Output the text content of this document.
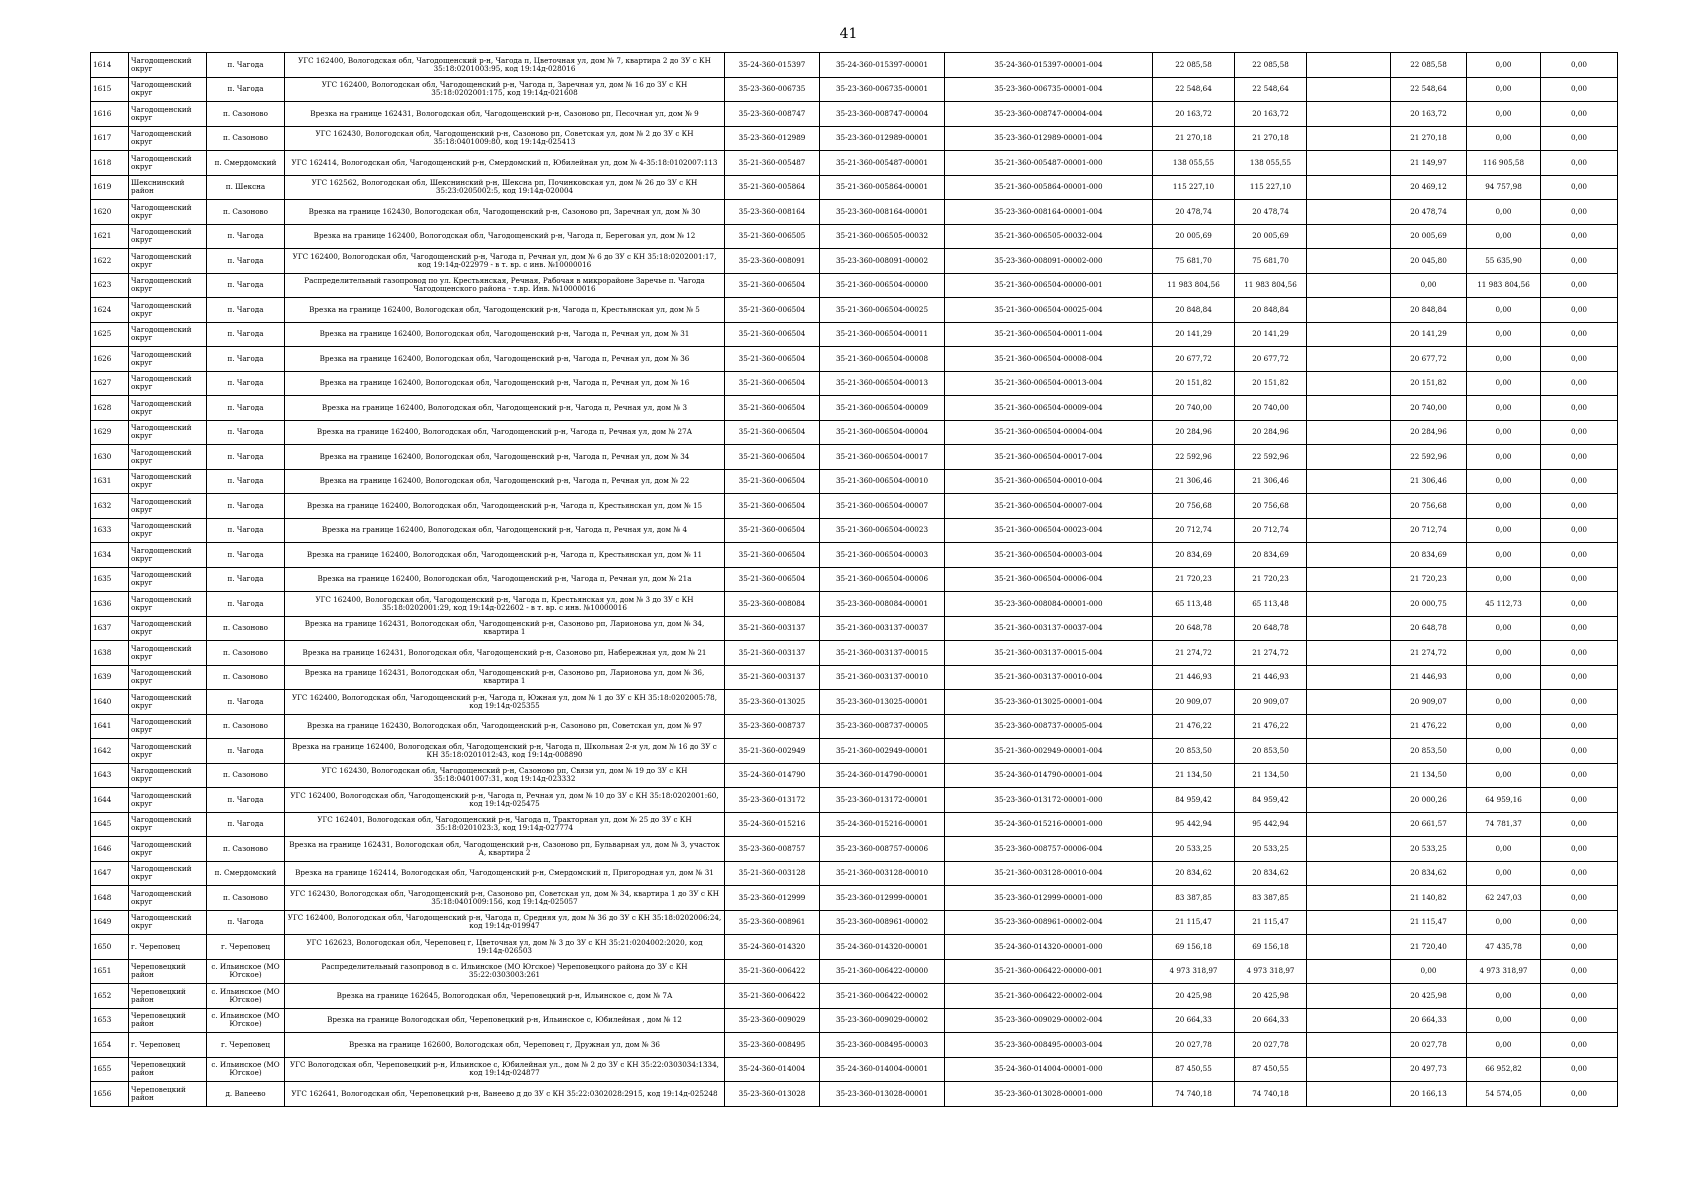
41
1614	Чагодощенский округ	п. Чагода	УГС 162400, Вологодская обл, Чагодощенский р-н, Чагода п, Цветочная ул, дом № 7, квартира 2 до ЗУ с КН 35:18:0201003:95, код 19:14д-028016	35-24-360-015397	35-24-360-015397-00001	35-24-360-015397-00001-004	22 085,58	22 085,58		22 085,58	0,00	0,00
1615	Чагодощенский округ	п. Чагода	УГС 162400, Вологодская обл, Чагодощенский р-н, Чагода п, Заречная ул, дом № 16 до ЗУ с КН 35:18:0202001:175, код 19:14д-021608	35-23-360-006735	35-23-360-006735-00001	35-23-360-006735-00001-004	22 548,64	22 548,64		22 548,64	0,00	0,00
1616	Чагодощенский округ	п. Сазоново	Врезка на границе 162431, Вологодская обл, Чагодощенский р-н, Сазоново рп, Песочная ул, дом № 9	35-23-360-008747	35-23-360-008747-00004	35-23-360-008747-00004-004	20 163,72	20 163,72		20 163,72	0,00	0,00
1617	Чагодощенский округ	п. Сазоново	УГС 162430, Вологодская обл, Чагодощенский р-н, Сазоново рп, Советская ул, дом № 2 до ЗУ с КН 35:18:0401009:80, код 19:14д-025413	35-23-360-012989	35-23-360-012989-00001	35-23-360-012989-00001-004	21 270,18	21 270,18		21 270,18	0,00	0,00
1618	Чагодощенский округ	п. Смердомский	УГС 162414, Вологодская обл, Чагодощенский р-н, Смердомский п, Юбилейная ул, дом № 4-35:18:0102007:113	35-21-360-005487	35-21-360-005487-00001	35-21-360-005487-00001-000	138 055,55	138 055,55		21 149,97	116 905,58	0,00
1619	Шекснинский район	п. Шексна	УГС 162562, Вологодская обл, Шекснинский р-н, Шексна рп, Починковская ул, дом № 26 до ЗУ с КН 35:23:0205002:5, код 19:14д-020004	35-21-360-005864	35-21-360-005864-00001	35-21-360-005864-00001-000	115 227,10	115 227,10		20 469,12	94 757,98	0,00
1620	Чагодощенский округ	п. Сазоново	Врезка на границе 162430, Вологодская обл, Чагодощенский р-н, Сазоново рп, Заречная ул, дом № 30	35-23-360-008164	35-23-360-008164-00001	35-23-360-008164-00001-004	20 478,74	20 478,74		20 478,74	0,00	0,00
1621	Чагодощенский округ	п. Чагода	Врезка на границе 162400, Вологодская обл, Чагодощенский р-н, Чагода п, Береговая ул, дом № 12	35-21-360-006505	35-21-360-006505-00032	35-21-360-006505-00032-004	20 005,69	20 005,69		20 005,69	0,00	0,00
1622	Чагодощенский округ	п. Чагода	УГС 162400, Вологодская обл, Чагодощенский р-н, Чагода п, Речная ул, дом № 6 до ЗУ с КН 35:18:0202001:17, код 19:14д-022979 - в т. вр. с инв. №10000016	35-23-360-008091	35-23-360-008091-00002	35-23-360-008091-00002-000	75 681,70	75 681,70		20 045,80	55 635,90	0,00
1623	Чагодощенский округ	п. Чагода	Распределительный газопровод по ул. Крестьянская, Речная, Рабочая в микрорайоне Заречье п. Чагода Чагодощенского района - т.вр. Инв. №10000016	35-21-360-006504	35-21-360-006504-00000	35-21-360-006504-00000-001	11 983 804,56	11 983 804,56		0,00	11 983 804,56	0,00
1624	Чагодощенский округ	п. Чагода	Врезка на границе 162400, Вологодская обл, Чагодощенский р-н, Чагода п, Крестьянская ул, дом № 5	35-21-360-006504	35-21-360-006504-00025	35-21-360-006504-00025-004	20 848,84	20 848,84		20 848,84	0,00	0,00
1625	Чагодощенский округ	п. Чагода	Врезка на границе 162400, Вологодская обл, Чагодощенский р-н, Чагода п, Речная ул, дом № 31	35-21-360-006504	35-21-360-006504-00011	35-21-360-006504-00011-004	20 141,29	20 141,29		20 141,29	0,00	0,00
1626	Чагодощенский округ	п. Чагода	Врезка на границе 162400, Вологодская обл, Чагодощенский р-н, Чагода п, Речная ул, дом № 36	35-21-360-006504	35-21-360-006504-00008	35-21-360-006504-00008-004	20 677,72	20 677,72		20 677,72	0,00	0,00
1627	Чагодощенский округ	п. Чагода	Врезка на границе 162400, Вологодская обл, Чагодощенский р-н, Чагода п, Речная ул, дом № 16	35-21-360-006504	35-21-360-006504-00013	35-21-360-006504-00013-004	20 151,82	20 151,82		20 151,82	0,00	0,00
1628	Чагодощенский округ	п. Чагода	Врезка на границе 162400, Вологодская обл, Чагодощенский р-н, Чагода п, Речная ул, дом № 3	35-21-360-006504	35-21-360-006504-00009	35-21-360-006504-00009-004	20 740,00	20 740,00		20 740,00	0,00	0,00
1629	Чагодощенский округ	п. Чагода	Врезка на границе 162400, Вологодская обл, Чагодощенский р-н, Чагода п, Речная ул, дом № 27А	35-21-360-006504	35-21-360-006504-00004	35-21-360-006504-00004-004	20 284,96	20 284,96		20 284,96	0,00	0,00
1630	Чагодощенский округ	п. Чагода	Врезка на границе 162400, Вологодская обл, Чагодощенский р-н, Чагода п, Речная ул, дом № 34	35-21-360-006504	35-21-360-006504-00017	35-21-360-006504-00017-004	22 592,96	22 592,96		22 592,96	0,00	0,00
1631	Чагодощенский округ	п. Чагода	Врезка на границе 162400, Вологодская обл, Чагодощенский р-н, Чагода п, Речная ул, дом № 22	35-21-360-006504	35-21-360-006504-00010	35-21-360-006504-00010-004	21 306,46	21 306,46		21 306,46	0,00	0,00
1632	Чагодощенский округ	п. Чагода	Врезка на границе 162400, Вологодская обл, Чагодощенский р-н, Чагода п, Крестьянская ул, дом № 15	35-21-360-006504	35-21-360-006504-00007	35-21-360-006504-00007-004	20 756,68	20 756,68		20 756,68	0,00	0,00
1633	Чагодощенский округ	п. Чагода	Врезка на границе 162400, Вологодская обл, Чагодощенский р-н, Чагода п, Речная ул, дом № 4	35-21-360-006504	35-21-360-006504-00023	35-21-360-006504-00023-004	20 712,74	20 712,74		20 712,74	0,00	0,00
1634	Чагодощенский округ	п. Чагода	Врезка на границе 162400, Вологодская обл, Чагодощенский р-н, Чагода п, Крестьянская ул, дом № 11	35-21-360-006504	35-21-360-006504-00003	35-21-360-006504-00003-004	20 834,69	20 834,69		20 834,69	0,00	0,00
1635	Чагодощенский округ	п. Чагода	Врезка на границе 162400, Вологодская обл, Чагодощенский р-н, Чагода п, Речная ул, дом № 21а	35-21-360-006504	35-21-360-006504-00006	35-21-360-006504-00006-004	21 720,23	21 720,23		21 720,23	0,00	0,00
1636	Чагодощенский округ	п. Чагода	УГС 162400, Вологодская обл, Чагодощенский р-н, Чагода п, Крестьянская ул, дом № 3 до ЗУ с КН 35:18:0202001:29, код 19:14д-022602 - в т. вр. с инв. №10000016	35-23-360-008084	35-23-360-008084-00001	35-23-360-008084-00001-000	65 113,48	65 113,48		20 000,75	45 112,73	0,00
1637	Чагодощенский округ	п. Сазоново	Врезка на границе 162431, Вологодская обл, Чагодощенский р-н, Сазоново рп, Ларионова ул, дом № 34, квартира 1	35-21-360-003137	35-21-360-003137-00037	35-21-360-003137-00037-004	20 648,78	20 648,78		20 648,78	0,00	0,00
1638	Чагодощенский округ	п. Сазоново	Врезка на границе 162431, Вологодская обл, Чагодощенский р-н, Сазоново рп, Набережная ул, дом № 21	35-21-360-003137	35-21-360-003137-00015	35-21-360-003137-00015-004	21 274,72	21 274,72		21 274,72	0,00	0,00
1639	Чагодощенский округ	п. Сазоново	Врезка на границе 162431, Вологодская обл, Чагодощенский р-н, Сазоново рп, Ларионова ул, дом № 36, квартира 1	35-21-360-003137	35-21-360-003137-00010	35-21-360-003137-00010-004	21 446,93	21 446,93		21 446,93	0,00	0,00
1640	Чагодощенский округ	п. Чагода	УГС 162400, Вологодская обл, Чагодощенский р-н, Чагода п, Южная ул, дом № 1 до ЗУ с КН 35:18:0202005:78, код 19:14д-025355	35-23-360-013025	35-23-360-013025-00001	35-23-360-013025-00001-004	20 909,07	20 909,07		20 909,07	0,00	0,00
1641	Чагодощенский округ	п. Сазоново	Врезка на границе 162430, Вологодская обл, Чагодощенский р-н, Сазоново рп, Советская ул, дом № 97	35-23-360-008737	35-23-360-008737-00005	35-23-360-008737-00005-004	21 476,22	21 476,22		21 476,22	0,00	0,00
1642	Чагодощенский округ	п. Чагода	Врезка на границе 162400, Вологодская обл, Чагодощенский р-н, Чагода п, Школьная 2-я ул, дом № 16 до ЗУ с КН 35:18:0201012:43, код 19:14д-008890	35-21-360-002949	35-21-360-002949-00001	35-21-360-002949-00001-004	20 853,50	20 853,50		20 853,50	0,00	0,00
1643	Чагодощенский округ	п. Сазоново	УГС 162430, Вологодская обл, Чагодощенский р-н, Сазоново рп, Связи ул, дом № 19 до ЗУ с КН 35:18:0401007:31, код 19:14д-023332	35-24-360-014790	35-24-360-014790-00001	35-24-360-014790-00001-004	21 134,50	21 134,50		21 134,50	0,00	0,00
1644	Чагодощенский округ	п. Чагода	УГС 162400, Вологодская обл, Чагодощенский р-н, Чагода п, Речная ул, дом № 10 до ЗУ с КН 35:18:0202001:60, код 19:14д-025475	35-23-360-013172	35-23-360-013172-00001	35-23-360-013172-00001-000	84 959,42	84 959,42		20 000,26	64 959,16	0,00
1645	Чагодощенский округ	п. Чагода	УГС 162401, Вологодская обл, Чагодощенский р-н, Чагода п, Тракторная ул, дом № 25 до ЗУ с КН 35:18:0201023:3, код 19:14д-027774	35-24-360-015216	35-24-360-015216-00001	35-24-360-015216-00001-000	95 442,94	95 442,94		20 661,57	74 781,37	0,00
1646	Чагодощенский округ	п. Сазоново	Врезка на границе 162431, Вологодская обл, Чагодощенский р-н, Сазоново рп, Бульварная ул, дом № 3, участок А, квартира 2	35-23-360-008757	35-23-360-008757-00006	35-23-360-008757-00006-004	20 533,25	20 533,25		20 533,25	0,00	0,00
1647	Чагодощенский округ	п. Смердомский	Врезка на границе 162414, Вологодская обл, Чагодощенский р-н, Смердомский п, Пригородная ул, дом № 31	35-21-360-003128	35-21-360-003128-00010	35-21-360-003128-00010-004	20 834,62	20 834,62		20 834,62	0,00	0,00
1648	Чагодощенский округ	п. Сазоново	УГС 162430, Вологодская обл, Чагодощенский р-н, Сазоново рп, Советская ул, дом № 34, квартира 1 до ЗУ с КН 35:18:0401009:156, код 19:14д-025057	35-23-360-012999	35-23-360-012999-00001	35-23-360-012999-00001-000	83 387,85	83 387,85		21 140,82	62 247,03	0,00
1649	Чагодощенский округ	п. Чагода	УГС 162400, Вологодская обл, Чагодощенский р-н, Чагода п, Средняя ул, дом № 36 до ЗУ с КН 35:18:0202006:24, код 19:14д-019947	35-23-360-008961	35-23-360-008961-00002	35-23-360-008961-00002-004	21 115,47	21 115,47		21 115,47	0,00	0,00
1650	г. Череповец	г. Череповец	УГС 162623, Вологодская обл, Череповец г, Цветочная ул, дом № 3 до ЗУ с КН 35:21:0204002:2020, код 19:14д-026503	35-24-360-014320	35-24-360-014320-00001	35-24-360-014320-00001-000	69 156,18	69 156,18		21 720,40	47 435,78	0,00
1651	Череповецкий район	с. Ильинское (МО Югское)	Распределительный газопровод в с. Ильинское (МО Югское) Череповецкого района до ЗУ с КН 35:22:0303003:261	35-21-360-006422	35-21-360-006422-00000	35-21-360-006422-00000-001	4 973 318,97	4 973 318,97		0,00	4 973 318,97	0,00
1652	Череповецкий район	с. Ильинское (МО Югское)	Врезка на границе 162645, Вологодская обл, Череповецкий р-н, Ильинское с, дом № 7А	35-21-360-006422	35-21-360-006422-00002	35-21-360-006422-00002-004	20 425,98	20 425,98		20 425,98	0,00	0,00
1653	Череповецкий район	с. Ильинское (МО Югское)	Врезка на границе Вологодская обл, Череповецкий р-н, Ильинское с, Юбилейная , дом № 12	35-23-360-009029	35-23-360-009029-00002	35-23-360-009029-00002-004	20 664,33	20 664,33		20 664,33	0,00	0,00
1654	г. Череповец	г. Череповец	Врезка на границе 162600, Вологодская обл, Череповец г, Дружная ул, дом № 36	35-23-360-008495	35-23-360-008495-00003	35-23-360-008495-00003-004	20 027,78	20 027,78		20 027,78	0,00	0,00
1655	Череповецкий район	с. Ильинское (МО Югское)	УГС Вологодская обл, Череповецкий р-н, Ильинское с, Юбилейная ул., дом № 2 до ЗУ с КН 35:22:0303034:1334, код 19:14д-024877	35-24-360-014004	35-24-360-014004-00001	35-24-360-014004-00001-000	87 450,55	87 450,55		20 497,73	66 952,82	0,00
1656	Череповецкий район	д. Ваneево	УГС 162641, Вологодская обл, Череповецкий р-н, Ванеево д до ЗУ с КН 35:22:0302028:2915, код 19:14д-025248	35-23-360-013028	35-23-360-013028-00001	35-23-360-013028-00001-000	74 740,18	74 740,18		20 166,13	54 574,05	0,00
